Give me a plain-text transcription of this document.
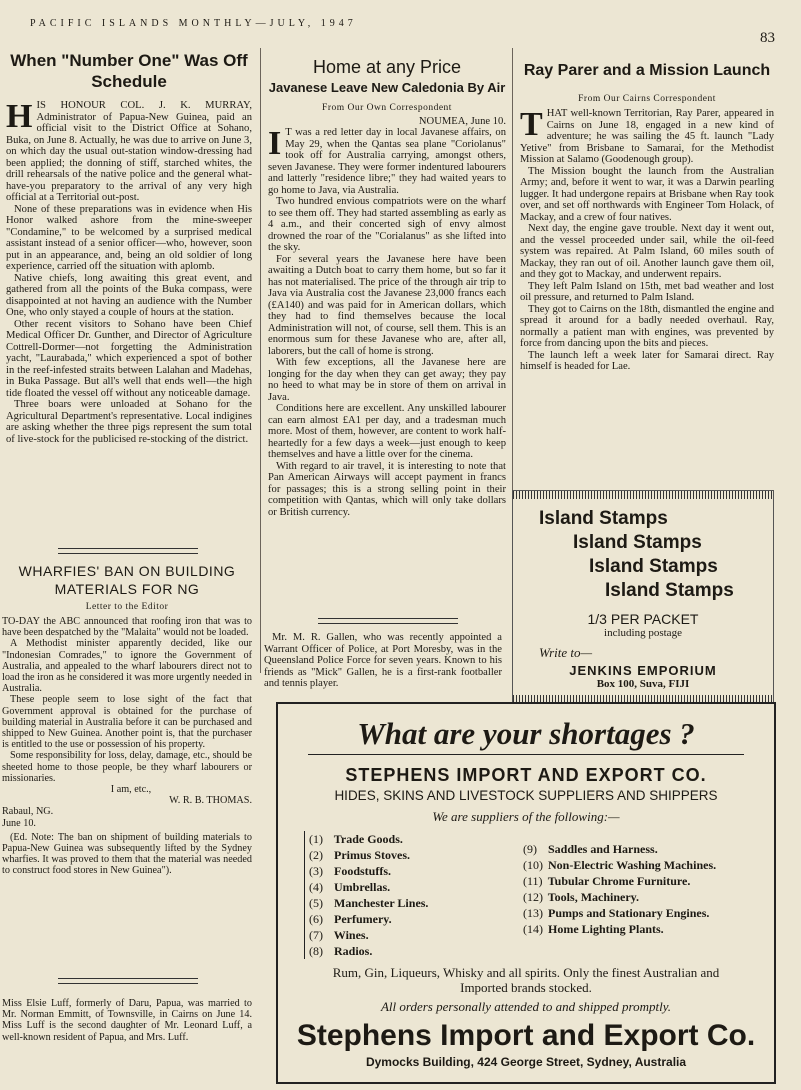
PACIFIC ISLANDS MONTHLY—JULY, 1947
83
When "Number One" Was Off Schedule

HIS HONOUR COL. J. K. MURRAY, Administrator of Papua-New Guinea, paid an official visit to the District Office at Sohano, Buka, on June 8. Actually, he was due to arrive on June 3, on which day the usual out-station window-dressing had been applied; the donning of stiff, starched whites, the drill rehearsals of the native police and the general what-have-you preparatory to the arrival of any very high official at a Territorial out-post.

None of these preparations was in evidence when His Honor walked ashore from the mine-sweeper "Condamine," to be welcomed by a surprised medical assistant instead of a senior officer—who, however, soon put in an appearance, and, being an old soldier of long experience, carried off the situation with aplomb.

Native chiefs, long awaiting this great event, and gathered from all the points of the Buka compass, were disappointed at not having an audience with the Number One, who only stayed a couple of hours at the station.

Other recent visitors to Sohano have been Chief Medical Officer Dr. Gunther, and Director of Agriculture Cottrell-Dormer—not forgetting the Administration yacht, "Laurabada," which experienced a spot of bother in the reef-infested straits between Lalahan and Madehas, in Buka Passage. But all's well that ends well—the high tide floated the vessel off without any noticeable damage.

Three boars were unloaded at Sohano for the Agricultural Department's representative. Local indigines are asking whether the three pigs represent the sum total of live-stock for the publicised re-stocking of the district.

WHARFIES' BAN ON BUILDING MATERIALS FOR NG
Letter to the Editor

TO-DAY the ABC announced that roofing iron that was to have been despatched by the "Malaita" would not be loaded.

A Methodist minister apparently decided, like our "Indonesian Comrades," to ignore the Government of Australia, and appealed to the wharf labourers direct not to load the iron as he considered it was more urgently needed in Australia.

These people seem to lose sight of the fact that Government approval is obtained for the purchase of building material in Australia before it can be purchased and shipped to New Guinea. Another point is, that the purchaser is entitled to the use or possession of his property.

Some responsibility for loss, delay, damage, etc., should be sheeted home to those people, be they wharf labourers or missionaries.

I am, etc.,

W. R. B. THOMAS.

Rabaul, NG.

June 10.

(Ed. Note: The ban on shipment of building materials to Papua-New Guinea was subsequently lifted by the Sydney wharfies. It was proved to them that the material was needed to construct food stores in New Guinea").

Miss Elsie Luff, formerly of Daru, Papua, was married to Mr. Norman Emmitt, of Townsville, in Cairns on June 14. Miss Luff is the second daughter of Mr. Leonard Luff, a well-known resident of Papua, and Mrs. Luff.

Home at any Price
Javanese Leave New Caledonia By Air
From Our Own Correspondent
NOUMEA, June 10.

I T was a red letter day in local Javanese affairs, on May 29, when the Qantas sea plane "Coriolanus" took off for Australia carrying, amongst others, seven Javanese. They were former indentured labourers and latterly "residence libre;" they had waited years to go home to Java, via Australia.

Two hundred envious compatriots were on the wharf to see them off. They had started assembling as early as 4 a.m., and their concerted sigh of envy almost drowned the roar of the "Corialanus" as she lifted into the sky.

For several years the Javanese here have been awaiting a Dutch boat to carry them home, but so far it has not materialised. The price of the through air trip to Java via Australia cost the Javanese 23,000 francs each (£A140) and was paid for in American dollars, which they had to find themselves because the local Administration will not, of course, sell them. This is an enormous sum for these Javanese who are, after all, laborers, but the call of home is strong.

With few exceptions, all the Javanese here are longing for the day when they can get away; they pay no heed to what may be in store of them on arrival in Java.

Conditions here are excellent. Any unskilled labourer can earn almost £A1 per day, and a tradesman much more. Most of them, however, are content to work half-heartedly for a few days a week—just enough to keep themselves and have a little over for the cinema.

With regard to air travel, it is interesting to note that Pan American Airways will accept payment in francs for passages; this is a strong selling point in their competition with Qantas, which will only take dollars or British currency.

Mr. M. R. Gallen, who was recently appointed a Warrant Officer of Police, at Port Moresby, was in the Queensland Police Force for seven years. Known to his friends as "Mick" Gallen, he is a first-rank footballer and tennis player.

Ray Parer and a Mission Launch
From Our Cairns Correspondent

THAT well-known Territorian, Ray Parer, appeared in Cairns on June 18, engaged in a new kind of adventure; he was sailing the 45 ft. launch "Lady Yetive" from Brisbane to Samarai, for the Methodist Mission at Salamo (Goodenough group).

The Mission bought the launch from the Australian Army; and, before it went to war, it was a Darwin pearling lugger. It had undergone repairs at Brisbane when Ray took over, and set off northwards with Engineer Tom Holack, of Mackay, and a crew of four natives.

Next day, the engine gave trouble. Next day it went out, and the vessel proceeded under sail, while the oil-feed system was repaired. At Palm Island, 60 miles south of Mackay, they ran out of oil. Another launch gave them oil, and they got to Mackay, and underwent repairs.

They left Palm Island on 15th, met bad weather and lost oil pressure, and returned to Palm Island.

They got to Cairns on the 18th, dismantled the engine and spread it around for a badly needed overhaul. Ray, normally a patient man with engines, was prevented by force from dancing upon the bits and pieces.

The launch left a week later for Samarai direct. Ray himself is headed for Lae.

Island Stamps
Island Stamps
Island Stamps
Island Stamps
1/3 PER PACKET
including postage
Write to—
JENKINS EMPORIUM
Box 100, Suva, FIJI
What are your shortages ?
STEPHENS IMPORT AND EXPORT CO.
HIDES, SKINS AND LIVESTOCK SUPPLIERS AND SHIPPERS
We are suppliers of the following:—
(1) Trade Goods.
(2) Primus Stoves.
(3) Foodstuffs.
(4) Umbrellas.
(5) Manchester Lines.
(6) Perfumery.
(7) Wines.
(8) Radios.
(9) Saddles and Harness.
(10) Non-Electric Washing Machines.
(11) Tubular Chrome Furniture.
(12) Tools, Machinery.
(13) Pumps and Stationary Engines.
(14) Home Lighting Plants.
Rum, Gin, Liqueurs, Whisky and all spirits. Only the finest Australian and Imported brands stocked.
All orders personally attended to and shipped promptly.
Stephens Import and Export Co.
Dymocks Building, 424 George Street, Sydney, Australia
